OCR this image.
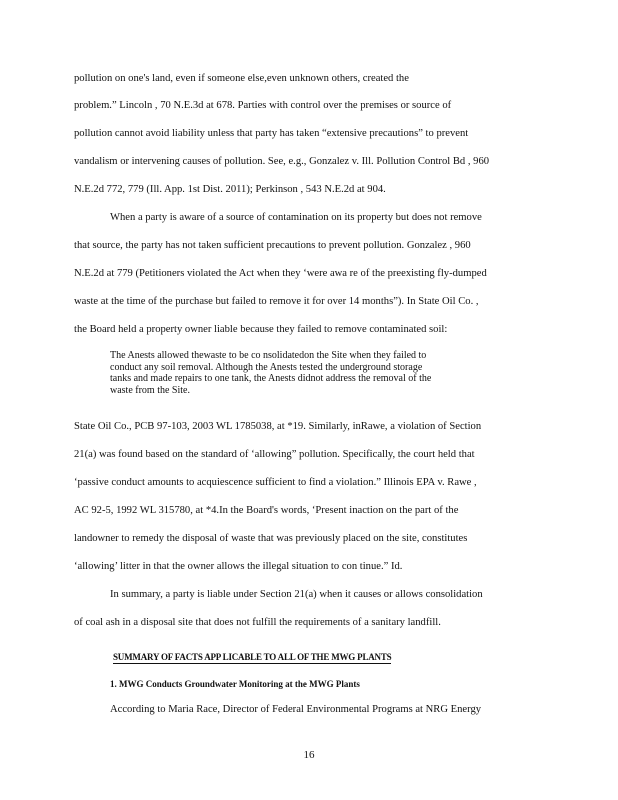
pollution on one's land, even if someone else,even unknown others, created the
problem.” Lincoln , 70 N.E.3d at 678. Parties with control over the premises or source of
pollution cannot avoid liability unless that party has taken “extensive precautions” to prevent
vandalism or intervening causes of pollution. See, e.g., Gonzalez v. Ill. Pollution Control Bd , 960
N.E.2d 772, 779 (Ill. App. 1st Dist. 2011); Perkinson , 543 N.E.2d at 904.
When a party is aware of a source of contamination on its property but does not remove
that source, the party has not taken sufficient precautions to prevent pollution. Gonzalez , 960
N.E.2d at 779 (Petitioners violated the Act when they ‘were awa re of the preexisting fly-dumped
waste at the time of the purchase but failed to remove it for over 14 months”). In State Oil Co. ,
the Board held a property owner liable because they failed to remove contaminated soil:
The Anests allowed thewaste to be co nsolidatedon the Site when they failed to
conduct any soil removal. Although the Anests tested the underground storage
tanks and made repairs to one tank, the Anests didnot address the removal of the
waste from the Site.
State Oil Co., PCB 97-103, 2003 WL 1785038, at *19. Similarly, inRawe, a violation of Section
21(a) was found based on the standard of ‘allowing” pollution. Specifically, the court held that
‘passive conduct amounts to acquiescence sufficient to find a violation.” Illinois EPA v. Rawe ,
AC 92-5, 1992 WL 315780, at *4.In the Board's words, ‘Present inaction on the part of the
landowner to remedy the disposal of waste that was previously placed on the site, constitutes
‘allowing’ litter in that the owner allows the illegal situation to con tinue.” Id.
In summary, a party is liable under Section 21(a) when it causes or allows consolidation
of coal ash in a disposal site that does not fulfill the requirements of a sanitary landfill.
SUMMARY OF FACTS APP LICABLE TO ALL OF THE MWG PLANTS
1. MWG Conducts Groundwater Monitoring at the MWG Plants
According to Maria Race, Director of Federal Environmental Programs at NRG Energy
16
